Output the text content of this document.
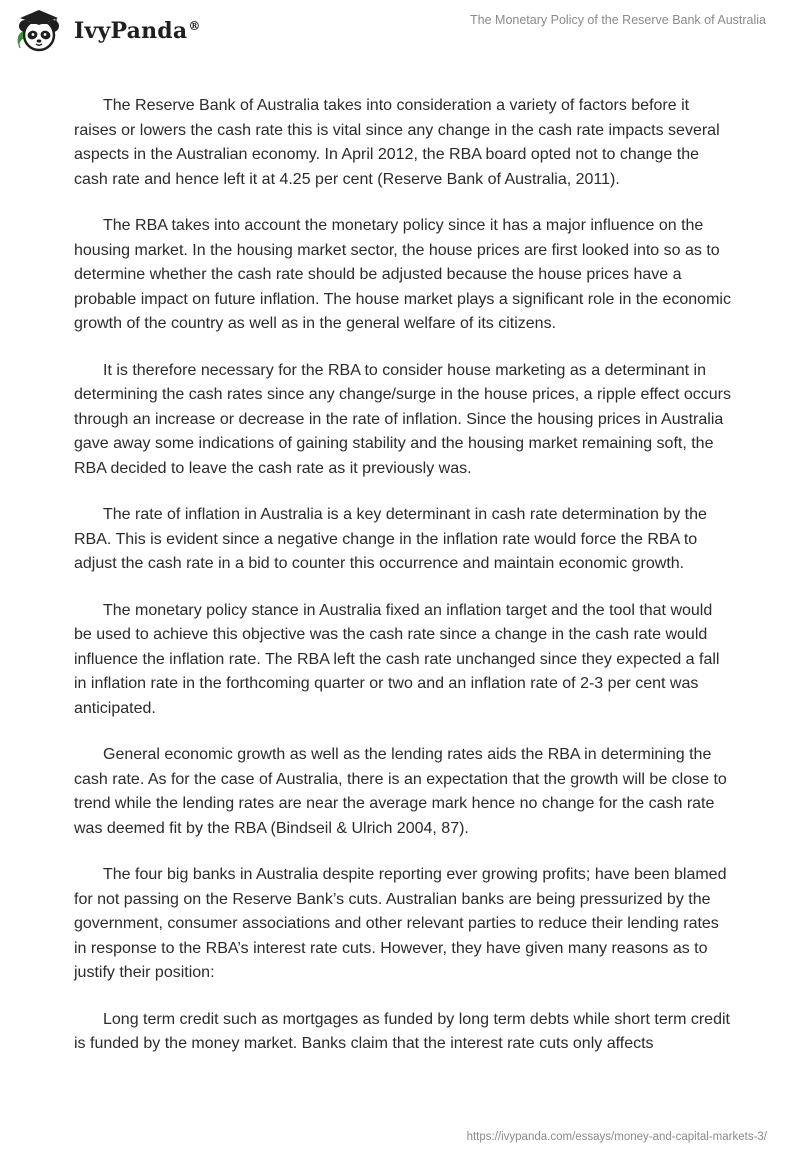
IvyPanda®	The Monetary Policy of the Reserve Bank of Australia

The Reserve Bank of Australia takes into consideration a variety of factors before it raises or lowers the cash rate this is vital since any change in the cash rate impacts several aspects in the Australian economy. In April 2012, the RBA board opted not to change the cash rate and hence left it at 4.25 per cent (Reserve Bank of Australia, 2011).

The RBA takes into account the monetary policy since it has a major influence on the housing market. In the housing market sector, the house prices are first looked into so as to determine whether the cash rate should be adjusted because the house prices have a probable impact on future inflation. The house market plays a significant role in the economic growth of the country as well as in the general welfare of its citizens.

It is therefore necessary for the RBA to consider house marketing as a determinant in determining the cash rates since any change/surge in the house prices, a ripple effect occurs through an increase or decrease in the rate of inflation. Since the housing prices in Australia gave away some indications of gaining stability and the housing market remaining soft, the RBA decided to leave the cash rate as it previously was.

The rate of inflation in Australia is a key determinant in cash rate determination by the RBA. This is evident since a negative change in the inflation rate would force the RBA to adjust the cash rate in a bid to counter this occurrence and maintain economic growth.

The monetary policy stance in Australia fixed an inflation target and the tool that would be used to achieve this objective was the cash rate since a change in the cash rate would influence the inflation rate. The RBA left the cash rate unchanged since they expected a fall in inflation rate in the forthcoming quarter or two and an inflation rate of 2-3 per cent was anticipated.

General economic growth as well as the lending rates aids the RBA in determining the cash rate. As for the case of Australia, there is an expectation that the growth will be close to trend while the lending rates are near the average mark hence no change for the cash rate was deemed fit by the RBA (Bindseil & Ulrich 2004, 87).

The four big banks in Australia despite reporting ever growing profits; have been blamed for not passing on the Reserve Bank’s cuts. Australian banks are being pressurized by the government, consumer associations and other relevant parties to reduce their lending rates in response to the RBA’s interest rate cuts. However, they have given many reasons as to justify their position:

Long term credit such as mortgages as funded by long term debts while short term credit is funded by the money market. Banks claim that the interest rate cuts only affects

https://ivypanda.com/essays/money-and-capital-markets-3/
